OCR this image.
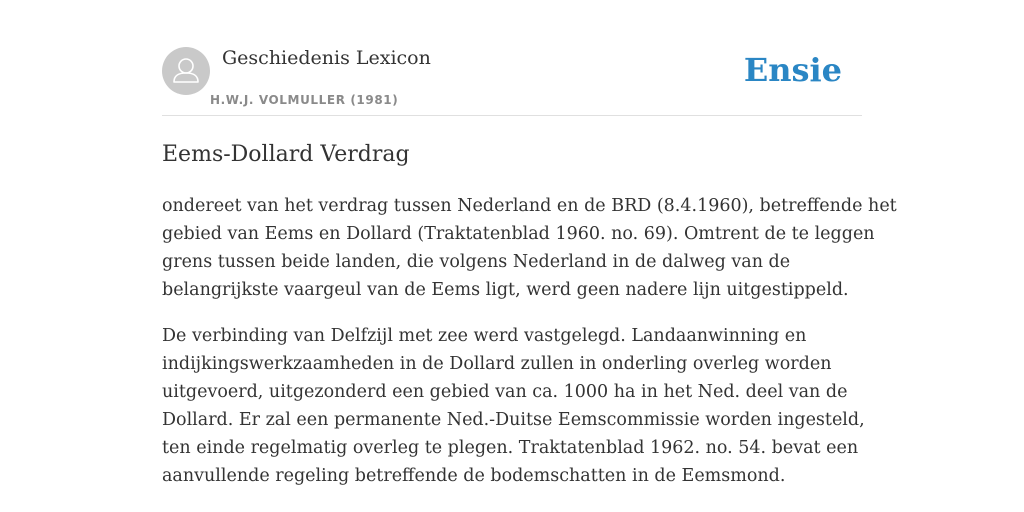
Geschiedenis Lexicon
H.W.J. VOLMULLER (1981)
Ensie
Eems-Dollard Verdrag

ondereet van het verdrag tussen Nederland en de BRD (8.4.1960), betreffende het
gebied van Eems en Dollard (Traktatenblad 1960. no. 69). Omtrent de te leggen
grens tussen beide landen, die volgens Nederland in de dalweg van de
belangrijkste vaargeul van de Eems ligt, werd geen nadere lijn uitgestippeld.

De verbinding van Delfzijl met zee werd vastgelegd. Landaanwinning en
indijkingswerkzaamheden in de Dollard zullen in onderling overleg worden
uitgevoerd, uitgezonderd een gebied van ca. 1000 ha in het Ned. deel van de
Dollard. Er zal een permanente Ned.-Duitse Eemscommissie worden ingesteld,
ten einde regelmatig overleg te plegen. Traktatenblad 1962. no. 54. bevat een
aanvullende regeling betreffende de bodemschatten in de Eemsmond.
